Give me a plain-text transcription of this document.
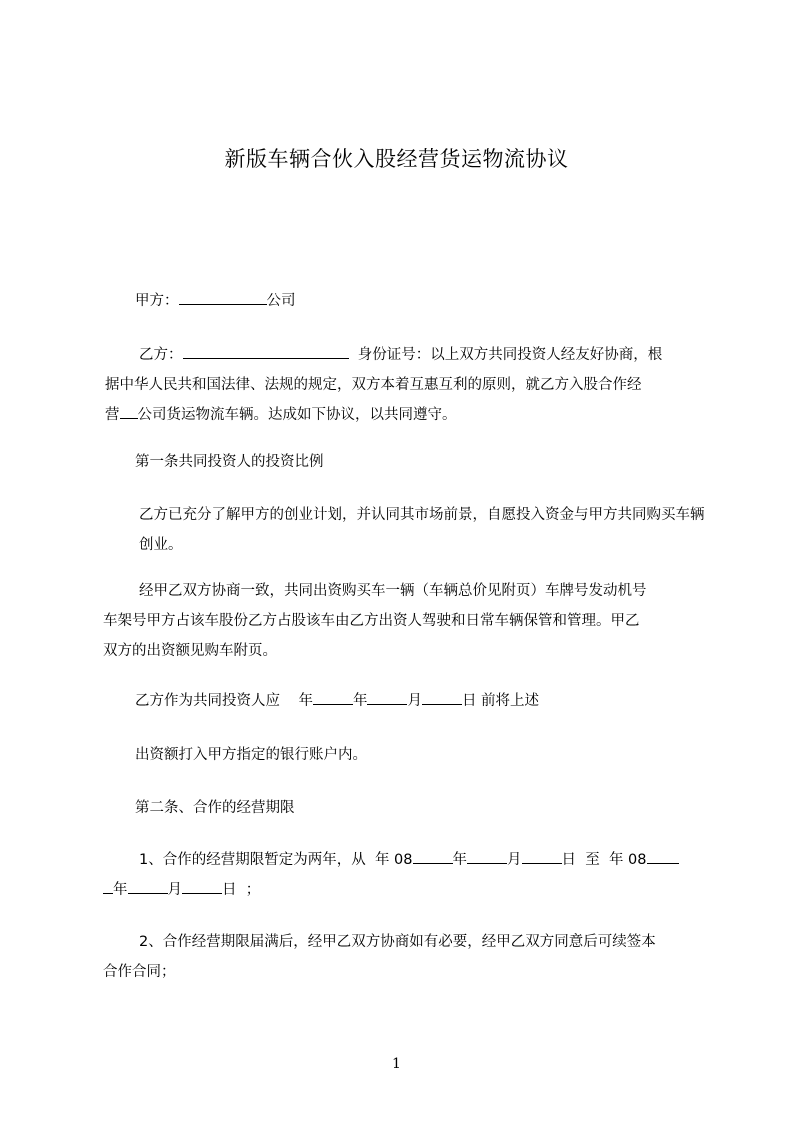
新版车辆合伙入股经营货运物流协议
甲方：	公司
乙方：	身份证号：以上双方共同投资人经友好协商，根
据中华人民共和国法律、法规的规定，双方本着互惠互利的原则，就乙方入股合作经
营 公司货运物流车辆。达成如下协议，以共同遵守。
第一条共同投资人的投资比例
乙方已充分了解甲方的创业计划，并认同其市场前景，自愿投入资金与甲方共同购买车辆创业。
经甲乙双方协商一致，共同出资购买车一辆（车辆总价见附页）车牌号发动机号
车架号甲方占该车股份乙方占股该车由乙方出资人驾驶和日常车辆保管和管理。甲乙
双方的出资额见购车附页。
乙方作为共同投资人应 年	年	月	日 前将上述
出资额打入甲方指定的银行账户内。
第二条、合作的经营期限
1、合作的经营期限暂定为两年，从 年 08	年	月	日 至 年 08
年	月	日 ；
2、合作经营期限届满后，经甲乙双方协商如有必要，经甲乙双方同意后可续签本
合作合同；
1
